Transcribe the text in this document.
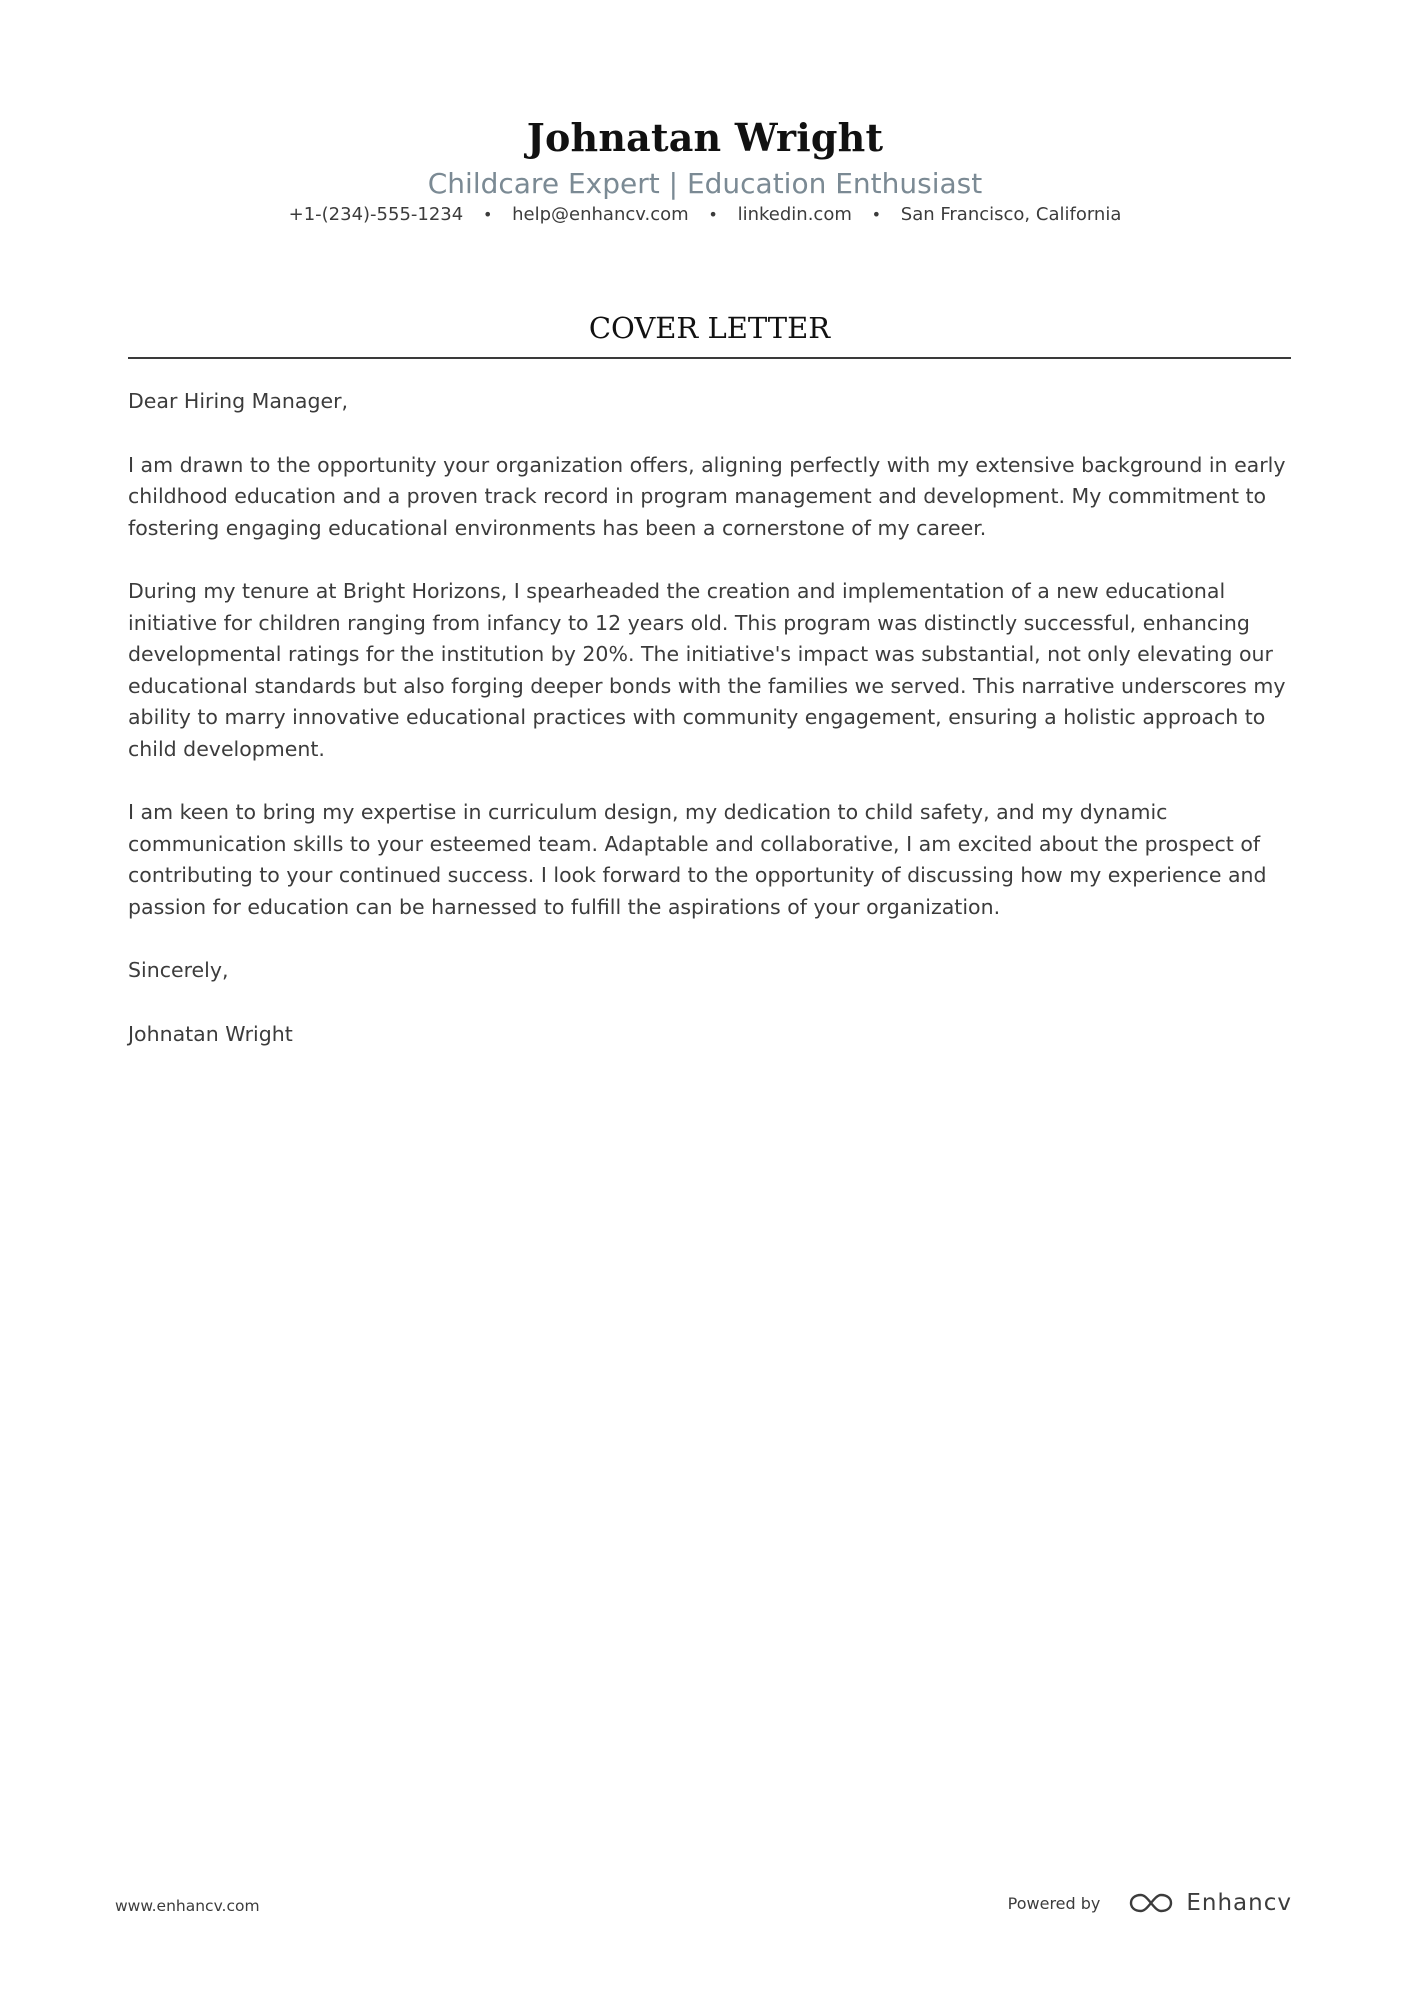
Johnatan Wright
Childcare Expert | Education Enthusiast
+1-(234)-555-1234 • help@enhancv.com • linkedin.com • San Francisco, California
COVER LETTER

Dear Hiring Manager,

I am drawn to the opportunity your organization offers, aligning perfectly with my extensive background in early childhood education and a proven track record in program management and development. My commitment to fostering engaging educational environments has been a cornerstone of my career.

During my tenure at Bright Horizons, I spearheaded the creation and implementation of a new educational initiative for children ranging from infancy to 12 years old. This program was distinctly successful, enhancing developmental ratings for the institution by 20%. The initiative's impact was substantial, not only elevating our educational standards but also forging deeper bonds with the families we served. This narrative underscores my ability to marry innovative educational practices with community engagement, ensuring a holistic approach to child development.

I am keen to bring my expertise in curriculum design, my dedication to child safety, and my dynamic communication skills to your esteemed team. Adaptable and collaborative, I am excited about the prospect of contributing to your continued success. I look forward to the opportunity of discussing how my experience and passion for education can be harnessed to fulfill the aspirations of your organization.

Sincerely,

Johnatan Wright

www.enhancv.com	Powered by	Enhancv
